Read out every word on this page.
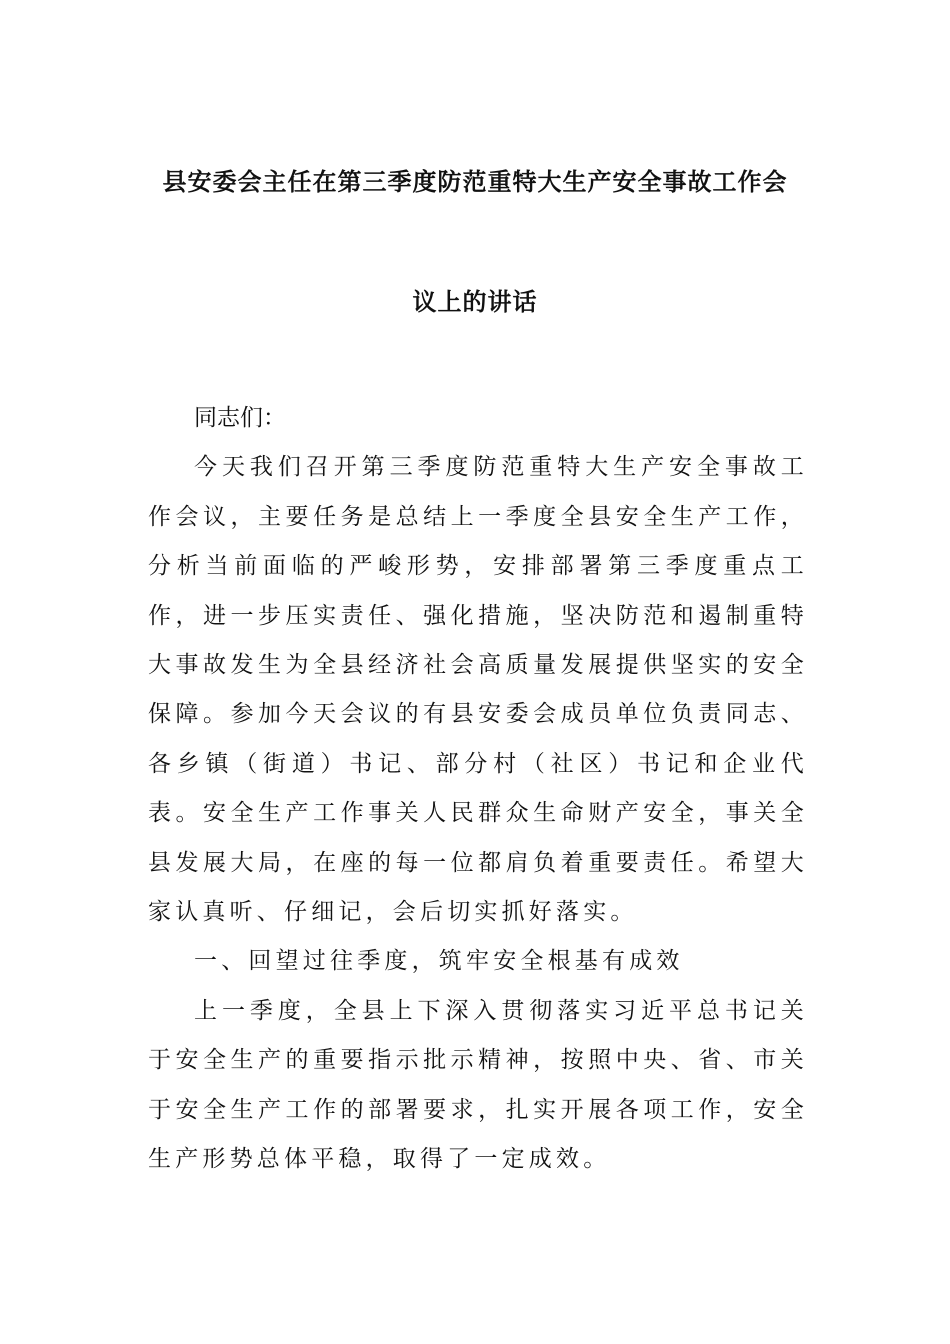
县安委会主任在第三季度防范重特大生产安全事故工作会
议上的讲话

同志们：

今天我们召开第三季度防范重特大生产安全事故工作会议，主要任务是总结上一季度全县安全生产工作，分析当前面临的严峻形势，安排部署第三季度重点工作，进一步压实责任、强化措施，坚决防范和遏制重特大事故发生为全县经济社会高质量发展提供坚实的安全保障。参加今天会议的有县安委会成员单位负责同志、各乡镇（街道）书记、部分村（社区）书记和企业代表。安全生产工作事关人民群众生命财产安全，事关全县发展大局，在座的每一位都肩负着重要责任。希望大家认真听、仔细记，会后切实抓好落实。

一、回望过往季度，筑牢安全根基有成效

上一季度，全县上下深入贯彻落实习近平总书记关于安全生产的重要指示批示精神，按照中央、省、市关于安全生产工作的部署要求，扎实开展各项工作，安全生产形势总体平稳，取得了一定成效。
